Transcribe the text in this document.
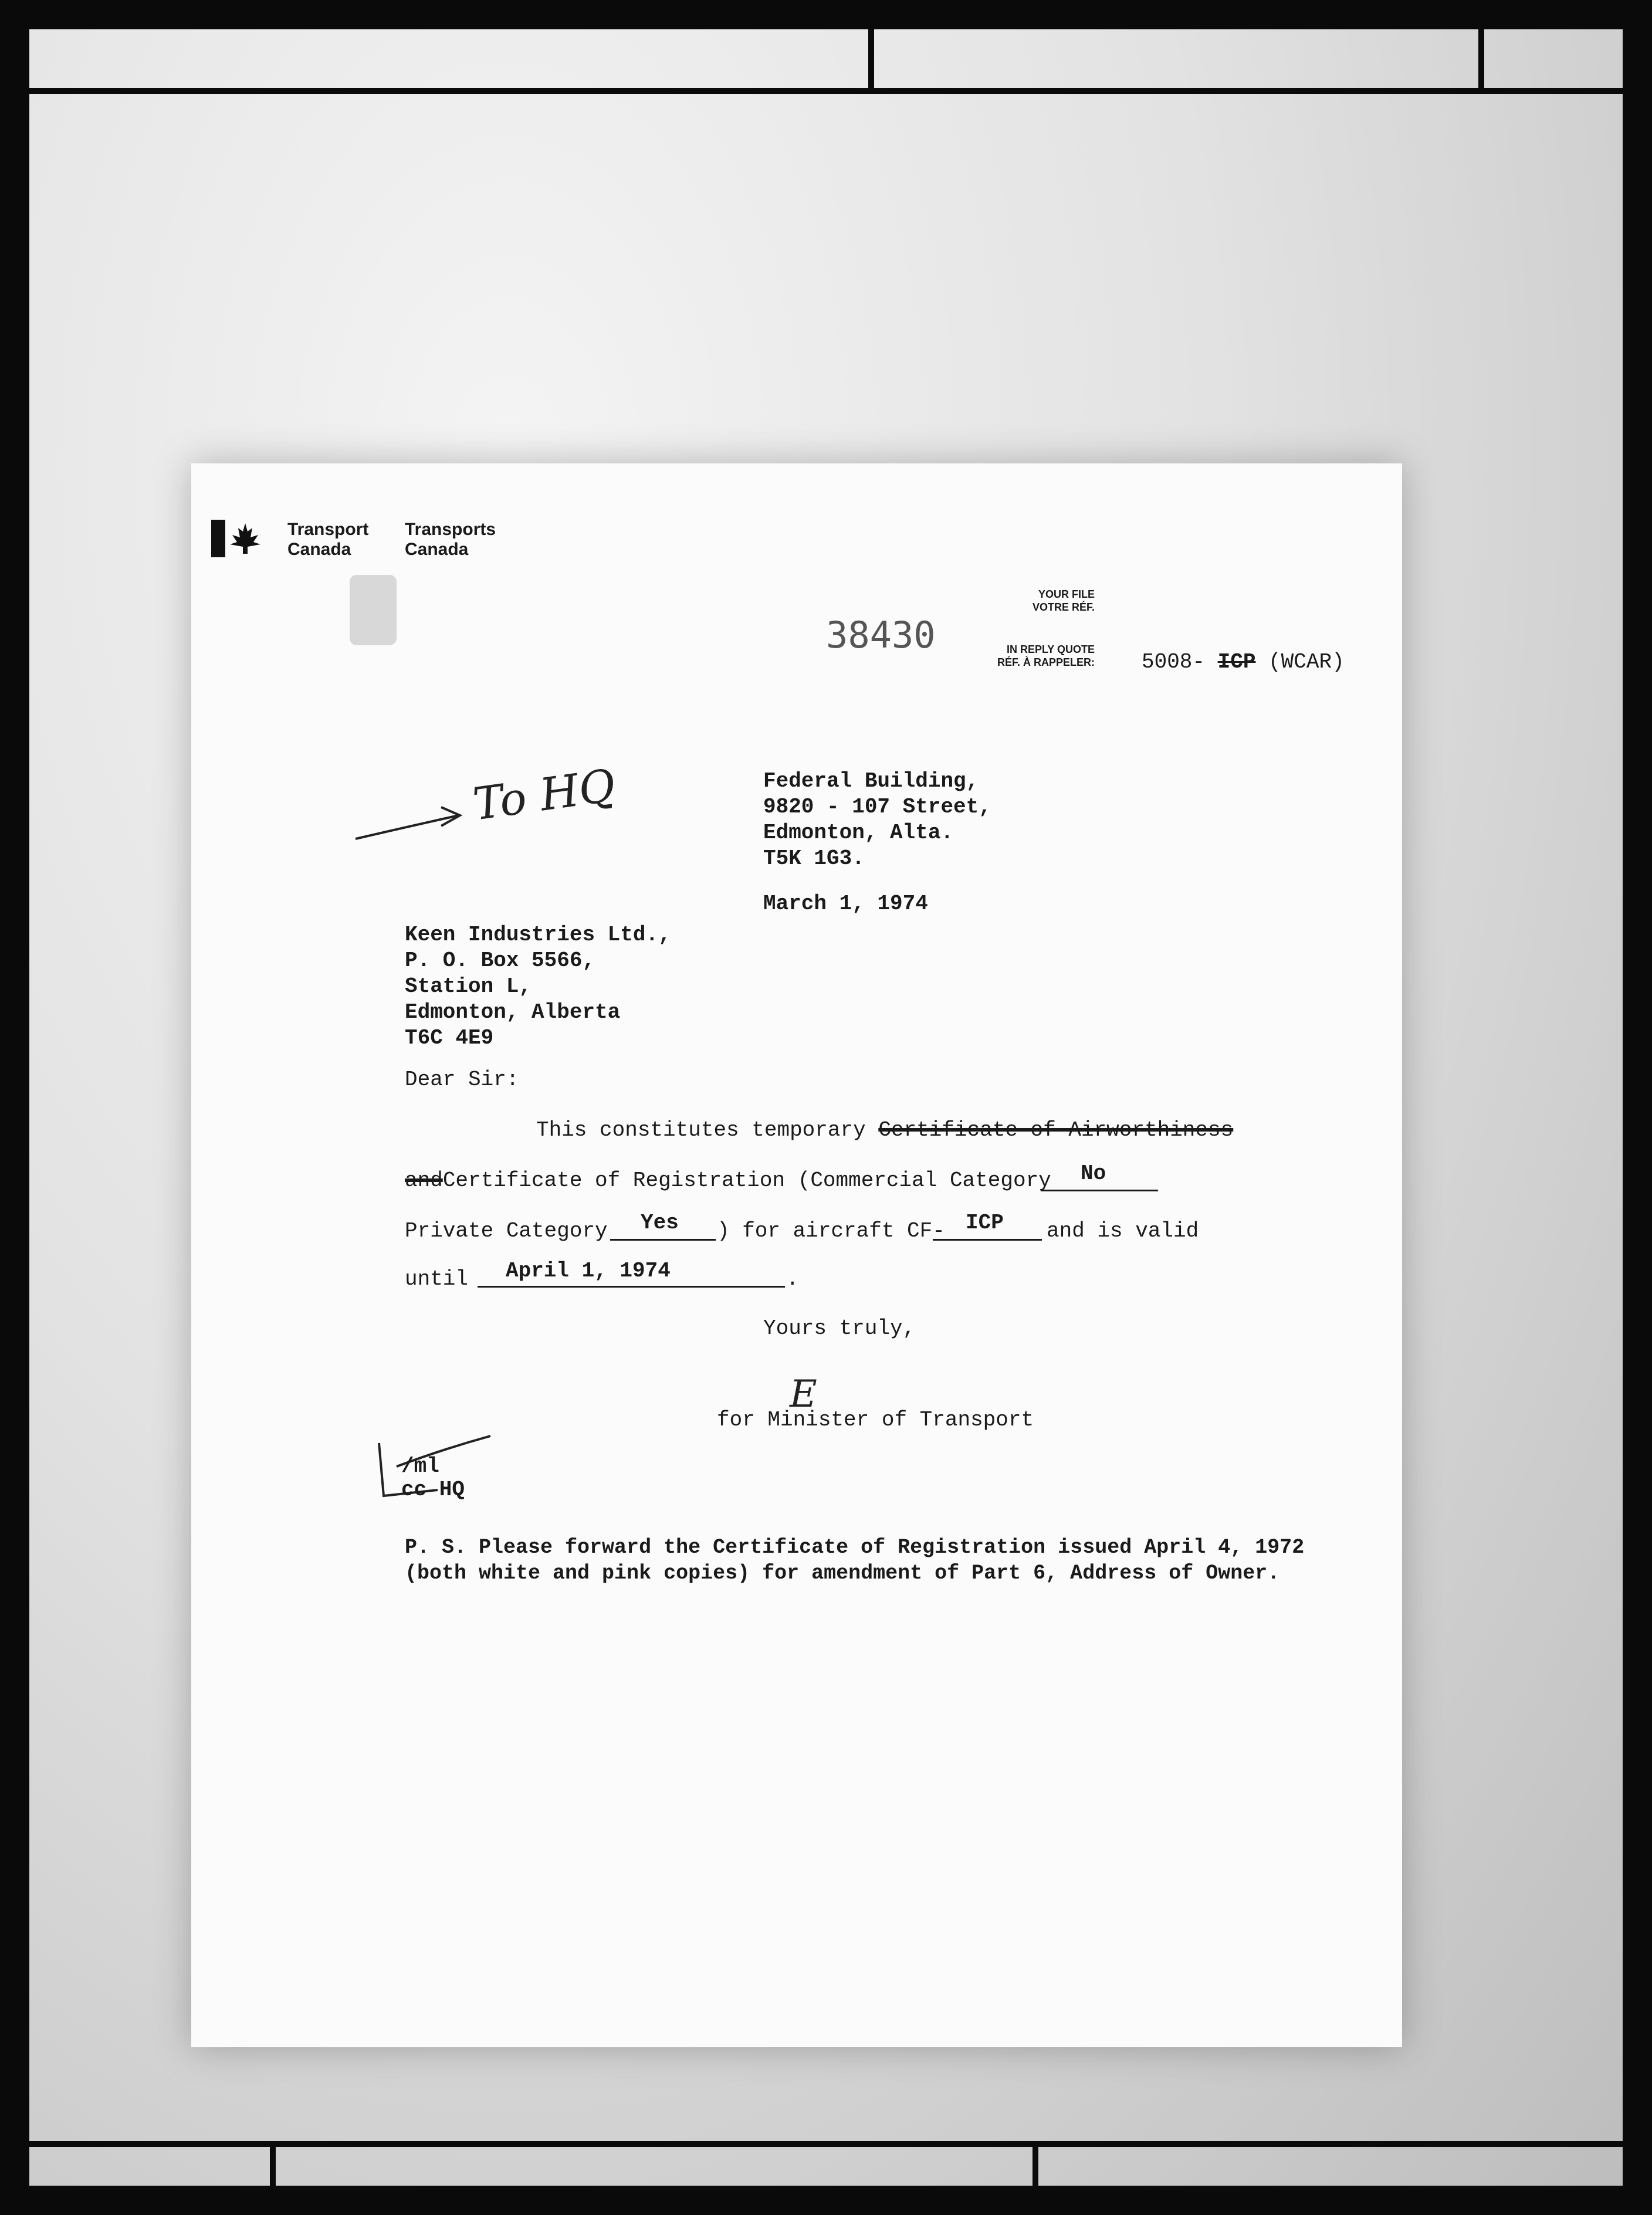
Transport
Canada
Transports
Canada
38430
YOUR FILE
VOTRE RÉF.
IN REPLY QUOTE
RÉF. À RAPPELER: 5008- ICP (WCAR)
To HQ	Federal Building,
9820 - 107 Street,
Edmonton, Alta.
T5K 1G3.
March 1, 1974
Keen Industries Ltd.,
P. O. Box 5566,
Station L,
Edmonton, Alberta
T6C 4E9
Dear Sir:
This constitutes temporary Certificate of Airworthiness
andCertificate of Registration (Commercial Category No
Private Category Yes ) for aircraft CF- ICP and is valid
until April 1, 1974	.
Yours truly,
E
for Minister of Transport
/ml
cc HQ
P. S. Please forward the Certificate of Registration issued April 4, 1972
(both white and pink copies) for amendment of Part 6, Address of Owner.
